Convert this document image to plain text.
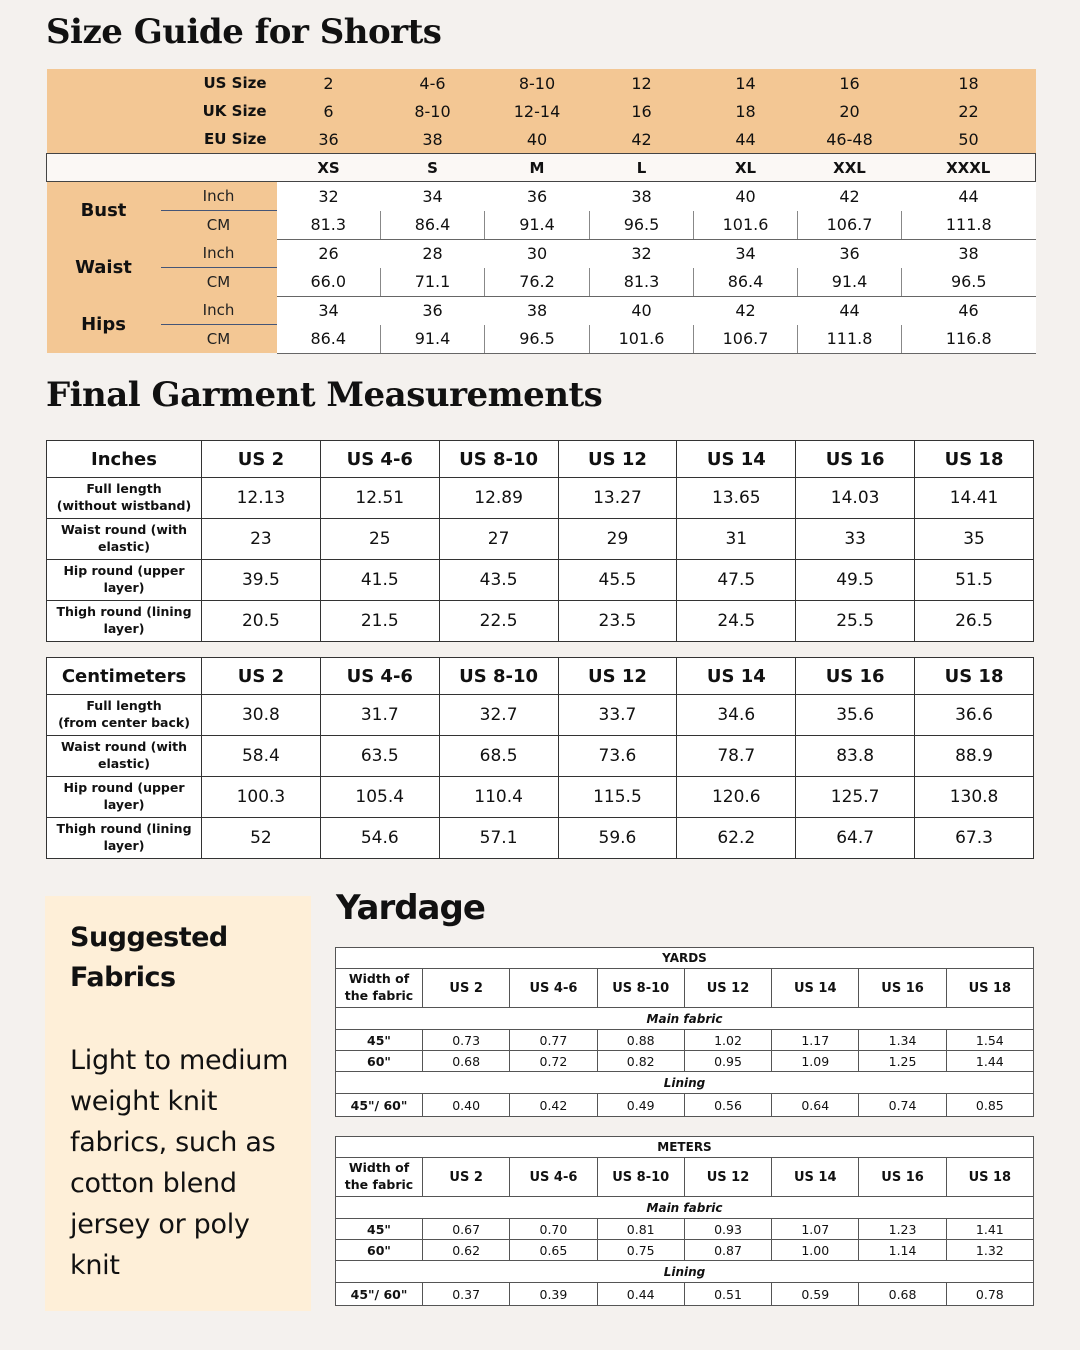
Size Guide for Shorts
US Size		2	4-6	8-10	12	14	16	18
UK Size		6	8-10	12-14	16	18	20	22
EU Size		36	38	40	42	44	46-48	50
		XS	S	M	L	XL	XXL	XXXL
Bust	Inch	32	34	36	38	40	42	44
	CM	81.3	86.4	91.4	96.5	101.6	106.7	111.8
Waist	Inch	26	28	30	32	34	36	38
	CM	66.0	71.1	76.2	81.3	86.4	91.4	96.5
Hips	Inch	34	36	38	40	42	44	46
	CM	86.4	91.4	96.5	101.6	106.7	111.8	116.8
Final Garment Measurements
Inches	US 2	US 4-6	US 8-10	US 12	US 14	US 16	US 18

Full length
(without wistband)	12.13	12.51	12.89	13.27	13.65	14.03	14.41

Waist round (with elastic)	23	25	27	29	31	33	35

Hip round (upper layer)	39.5	41.5	43.5	45.5	47.5	49.5	51.5

Thigh round (lining layer)	20.5	21.5	22.5	23.5	24.5	25.5	26.5
Centimeters	US 2	US 4-6	US 8-10	US 12	US 14	US 16	US 18

Full length
(from center back)	30.8	31.7	32.7	33.7	34.6	35.6	36.6

Waist round (with elastic)	58.4	63.5	68.5	73.6	78.7	83.8	88.9

Hip round (upper layer)	100.3	105.4	110.4	115.5	120.6	125.7	130.8

Thigh round (lining layer)	52	54.6	57.1	59.6	62.2	64.7	67.3

Suggested

Fabrics

Light to medium weight knit fabrics, such as cotton blend jersey or poly knit
Yardage
YARDS							

Width of
the fabric	US 2	US 4-6	US 8-10	US 12	US 14	US 16	US 18
Main fabric							
45"	0.73	0.77	0.88	1.02	1.17	1.34	1.54
60"	0.68	0.72	0.82	0.95	1.09	1.25	1.44
Lining							
45"/ 60"	0.40	0.42	0.49	0.56	0.64	0.74	0.85
METERS							

Width of
the fabric	US 2	US 4-6	US 8-10	US 12	US 14	US 16	US 18
Main fabric							
45"	0.67	0.70	0.81	0.93	1.07	1.23	1.41
60"	0.62	0.65	0.75	0.87	1.00	1.14	1.32
Lining							
45"/ 60"	0.37	0.39	0.44	0.51	0.59	0.68	0.78
